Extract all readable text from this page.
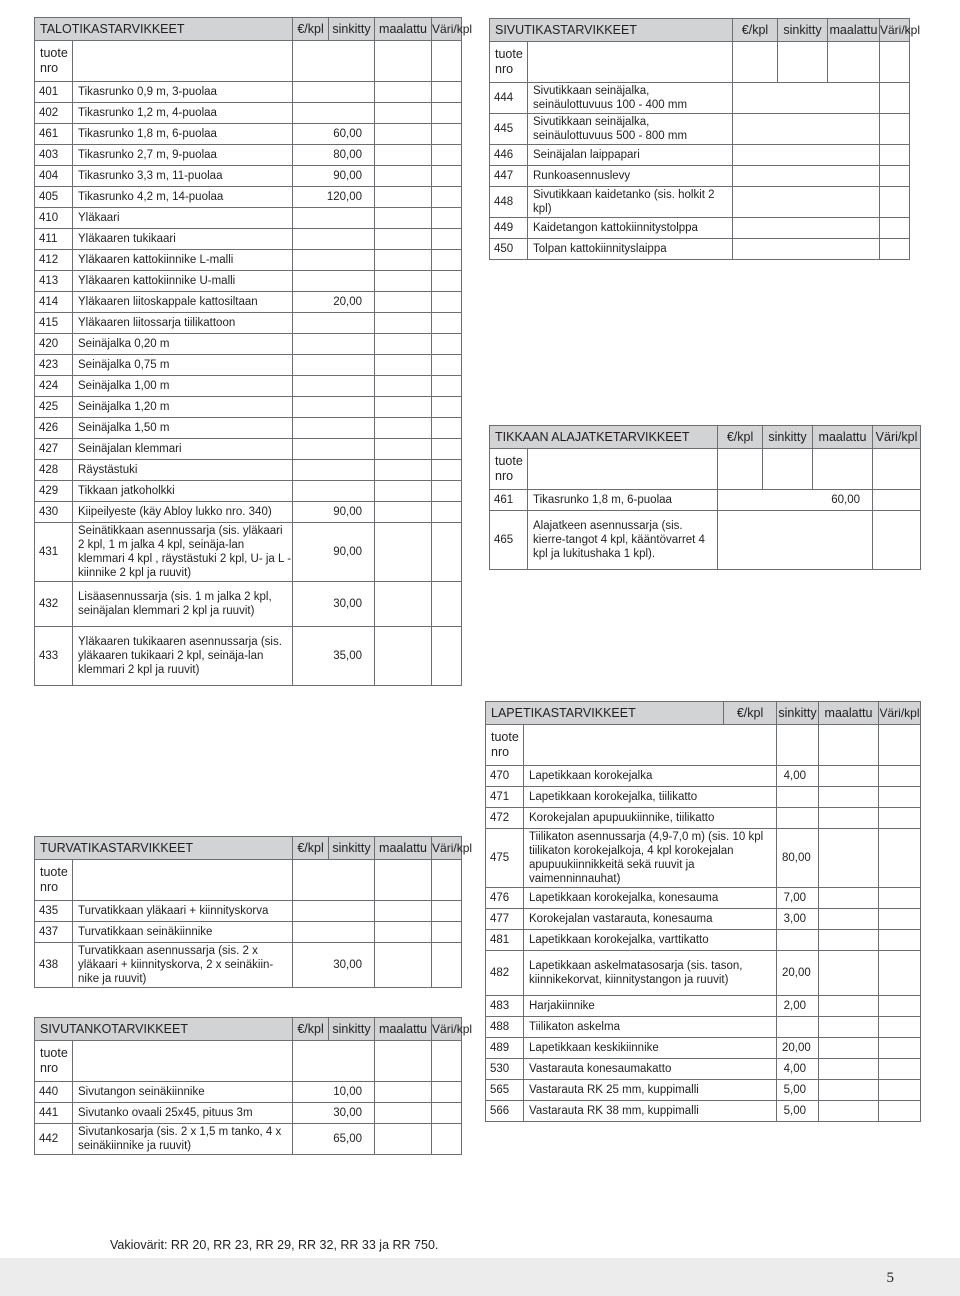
TALOTIKASTARVIKKEET		€/kpl	sinkitty	maalattu	Väri/kpl
tuote
nro					
401	Tikasrunko 0,9 m, 3-puolaa				
402	Tikasrunko 1,2 m, 4-puolaa				
461	Tikasrunko 1,8 m, 6-puolaa	60,00			
403	Tikasrunko 2,7 m, 9-puolaa	80,00			
404	Tikasrunko 3,3 m, 11-puolaa	90,00			
405	Tikasrunko 4,2 m, 14-puolaa	120,00			
410	Yläkaari				
411	Yläkaaren tukikaari				
412	Yläkaaren kattokiinnike L-malli				
413	Yläkaaren kattokiinnike U-malli				
414	Yläkaaren liitoskappale kattosiltaan	20,00			
415	Yläkaaren liitossarja tiilikattoon				
420	Seinäjalka 0,20 m				
423	Seinäjalka 0,75 m				
424	Seinäjalka 1,00 m				
425	Seinäjalka 1,20 m				
426	Seinäjalka 1,50 m				
427	Seinäjalan klemmari				
428	Räystästuki				
429	Tikkaan jatkoholkki				
430	Kiipeilyeste (käy Abloy lukko nro. 340)	90,00			
431	Seinätikkaan asennussarja (sis. yläkaari 2 kpl, 1 m jalka 4 kpl, seinäja-lan klemmari 4 kpl , räystästuki 2 kpl, U- ja L -kiinnike 2 kpl ja ruuvit)	90,00			
432	Lisäasennussarja (sis. 1 m jalka 2 kpl, seinäjalan klemmari 2 kpl ja ruuvit)	30,00			
433	Yläkaaren tukikaaren asennussarja (sis. yläkaaren tukikaari 2 kpl, seinäja-lan klemmari 2 kpl ja ruuvit)	35,00			
SIVUTIKASTARVIKKEET		€/kpl	sinkitty	maalattu	Väri/kpl	
tuote
nro						
444	Sivutikkaan seinäjalka, seinäulottuvuus 100 - 400 mm					
445	Sivutikkaan seinäjalka, seinäulottuvuus 500 - 800 mm					
446	Seinäjalan laippapari					
447	Runkoasennuslevy					
448	Sivutikkaan kaidetanko (sis. holkit 2 kpl)					
449	Kaidetangon kattokiinnitystolppa					
450	Tolpan kattokiinnityslaippa					
TIKKAAN ALAJATKETARVIKKEET		€/kpl	sinkitty	maalattu	Väri/kpl	
tuote
nro						
461	Tikasrunko 1,8 m, 6-puolaa	60,00				
465	Alajatkeen asennussarja (sis. kierre-tangot 4 kpl, kääntövarret 4 kpl ja lukitushaka 1 kpl).					
LAPETIKASTARVIKKEET		€/kpl	sinkitty	maalattu	Väri/kpl	
tuote
nro						
470	Lapetikkaan korokejalka		4,00			
471	Lapetikkaan korokejalka, tiilikatto					
472	Korokejalan apupuukiinnike, tiilikatto					
475	Tiilikaton asennussarja (4,9-7,0 m) (sis. 10 kpl tiilikaton korokejalkoja, 4 kpl korokejalan apupuukiinnikkeitä sekä ruuvit ja vaimenninnauhat)		80,00			
476	Lapetikkaan korokejalka, konesauma		7,00			
477	Korokejalan vastarauta, konesauma		3,00			
481	Lapetikkaan korokejalka, varttikatto					
482	Lapetikkaan askelmatasosarja (sis. tason, kiinnikekorvat, kiinnitystangon ja ruuvit)		20,00			
483	Harjakiinnike		2,00			
488	Tiilikaton askelma					
489	Lapetikkaan keskikiinnike		20,00			
530	Vastarauta konesaumakatto		4,00			
565	Vastarauta RK 25 mm, kuppimalli		5,00			
566	Vastarauta RK 38 mm, kuppimalli		5,00			
TURVATIKASTARVIKKEET		€/kpl	sinkitty	maalattu	Väri/kpl
tuote
nro					
435	Turvatikkaan yläkaari + kiinnityskorva				
437	Turvatikkaan seinäkiinnike				
438	Turvatikkaan asennussarja (sis. 2 x yläkaari + kiinnityskorva, 2 x seinäkiin-nike ja ruuvit)	30,00			
SIVUTANKOTARVIKKEET		€/kpl	sinkitty	maalattu	Väri/kpl
tuote
nro					
440	Sivutangon seinäkiinnike	10,00			
441	Sivutanko ovaali 25x45, pituus 3m	30,00			
442	Sivutankosarja (sis. 2 x 1,5 m tanko, 4 x seinäkiinnike ja ruuvit)	65,00			
Vakiovärit: RR 20, RR 23, RR 29, RR 32, RR 33 ja RR 750.
5
